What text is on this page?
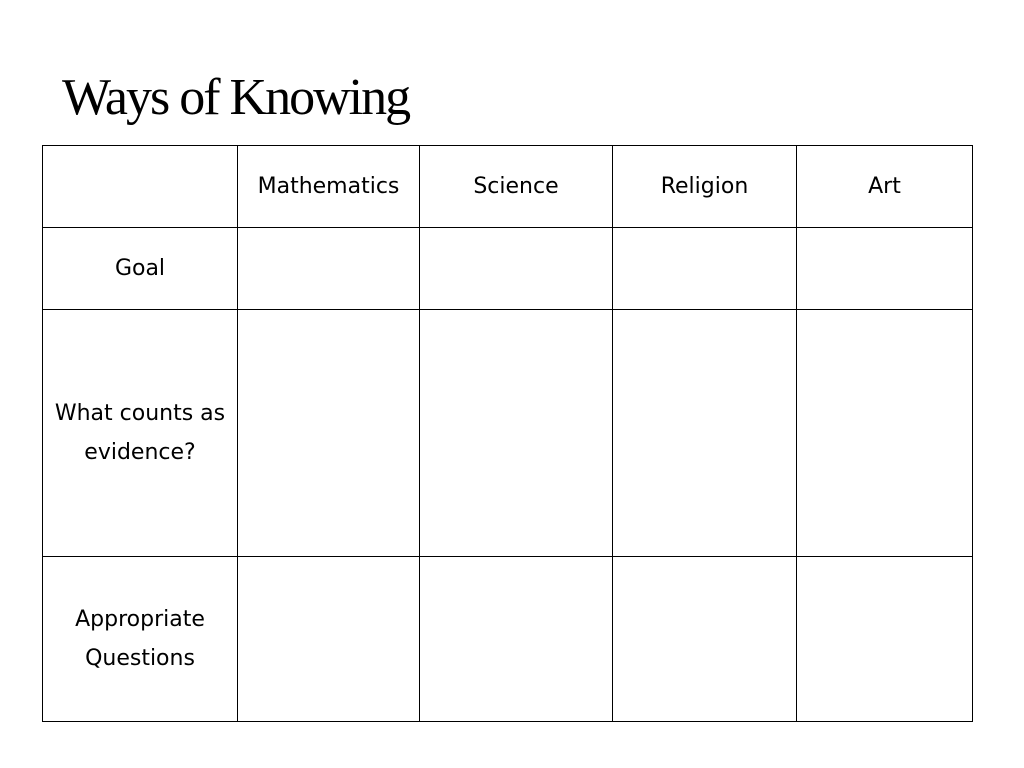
Ways of Knowing
	Mathematics	Science	Religion	Art
Goal				
What counts as evidence?				
Appropriate Questions				
